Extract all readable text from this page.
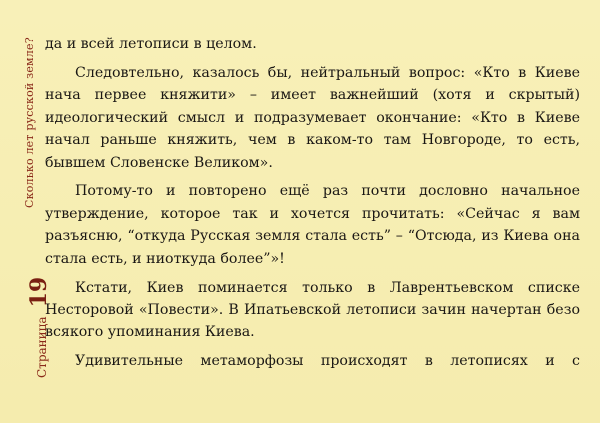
Сколько лет русской земле?
Страница 19

да и всей летописи в целом.

Следовтельно, казалось бы, нейтральный вопрос: «Кто в Киеве нача первее княжити» – имеет важнейший (хотя и скрытый) идеологический смысл и подразумевает окончание: «Кто в Киеве начал раньше княжить, чем в каком-то там Новгороде, то есть, бывшем Словенске Великом».

Потому-то и повторено ещё раз почти дословно начальное утверждение, которое так и хочется прочитать: «Сейчас я вам разъясню, “откуда Русская земля стала есть” – “Отсюда, из Киева она стала есть, и ниоткуда более”»!

Кстати, Киев поминается только в Лаврентьевском списке Несторовой «Повести». В Ипатьевской летописи зачин начертан безо всякого упоминания Киева.

Удивительные метаморфозы происходят в летописях и с
